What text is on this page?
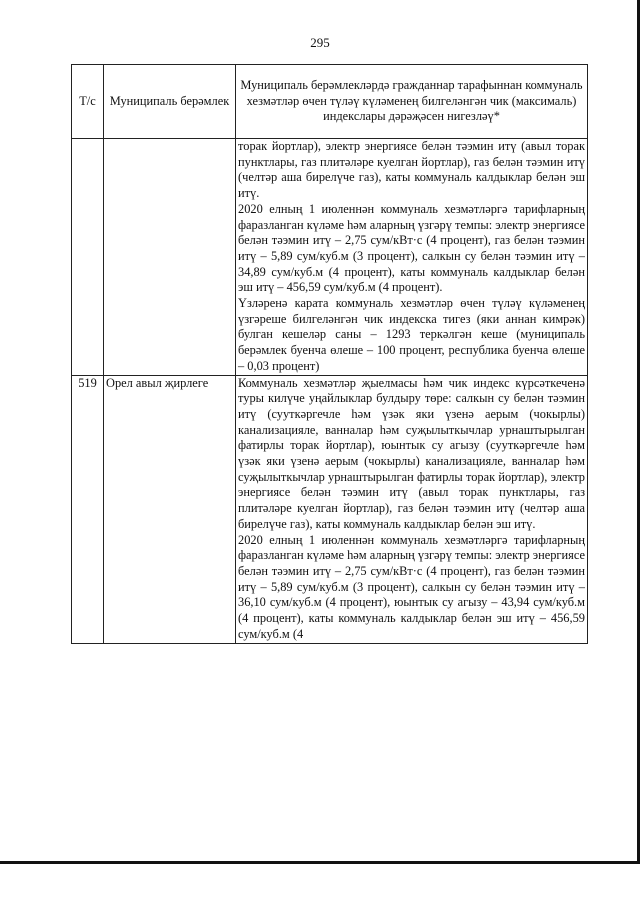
295
Т/с	Муниципаль берәмлек	Муниципаль берәмлекләрдә гражданнар тарафыннан коммуналь хезмәтләр өчен түләү күләменең билгеләнгән чик (максималь) индекслары дәрәҗәсен нигезләү*

		торак йортлар), электр энергиясе белән тәэмин итү (авыл торак пунктлары, газ плитәләре куелган йортлар), газ белән тәэмин итү (челтәр аша бирелүче газ), каты коммуналь калдыклар белән эш итү.

2020 елның 1 июленнән коммуналь хезмәтләргә тарифларның фаразланган күләме һәм аларның үзгәрү темпы: электр энергиясе белән тәэмин итү – 2,75 сум/кВт·с (4 процент), газ белән тәэмин итү – 5,89 сум/куб.м (3 процент), салкын су белән тәэмин итү – 34,89 сум/куб.м (4 процент), каты коммуналь калдыклар белән эш итү – 456,59 сум/куб.м (4 процент).

Үзләренә карата коммуналь хезмәтләр өчен түләү күләменең үзгәреше билгеләнгән чик индекска тигез (яки аннан кимрәк) булган кешеләр саны – 1293 теркәлгән кеше (муниципаль берәмлек буенча өлеше – 100 процент, республика буенча өлеше – 0,03 процент)

519	Орел авыл җирлеге	Коммуналь хезмәтләр җыелмасы һәм чик индекс күрсәткеченә туры килүче уңайлыклар булдыру төре: салкын су белән тәэмин итү (сууткәргечле һәм үзәк яки үзенә аерым (чокырлы) канализацияле, ванналар һәм суҗылыткычлар урнаштырылган фатирлы торак йортлар), юынтык су агызу (сууткәргечле һәм үзәк яки үзенә аерым (чокырлы) канализацияле, ванналар һәм суҗылыткычлар урнаштырылган фатирлы торак йортлар), электр энергиясе белән тәэмин итү (авыл торак пунктлары, газ плитәләре куелган йортлар), газ белән тәэмин итү (челтәр аша бирелүче газ), каты коммуналь калдыклар белән эш итү.

2020 елның 1 июленнән коммуналь хезмәтләргә тарифларның фаразланган күләме һәм аларның үзгәрү темпы: электр энергиясе белән тәэмин итү – 2,75 сум/кВт·с (4 процент), газ белән тәэмин итү – 5,89 сум/куб.м (3 процент), салкын су белән тәэмин итү – 36,10 сум/куб.м (4 процент), юынтык су агызу – 43,94 сум/куб.м (4 процент), каты коммуналь калдыклар белән эш итү – 456,59 сум/куб.м (4
